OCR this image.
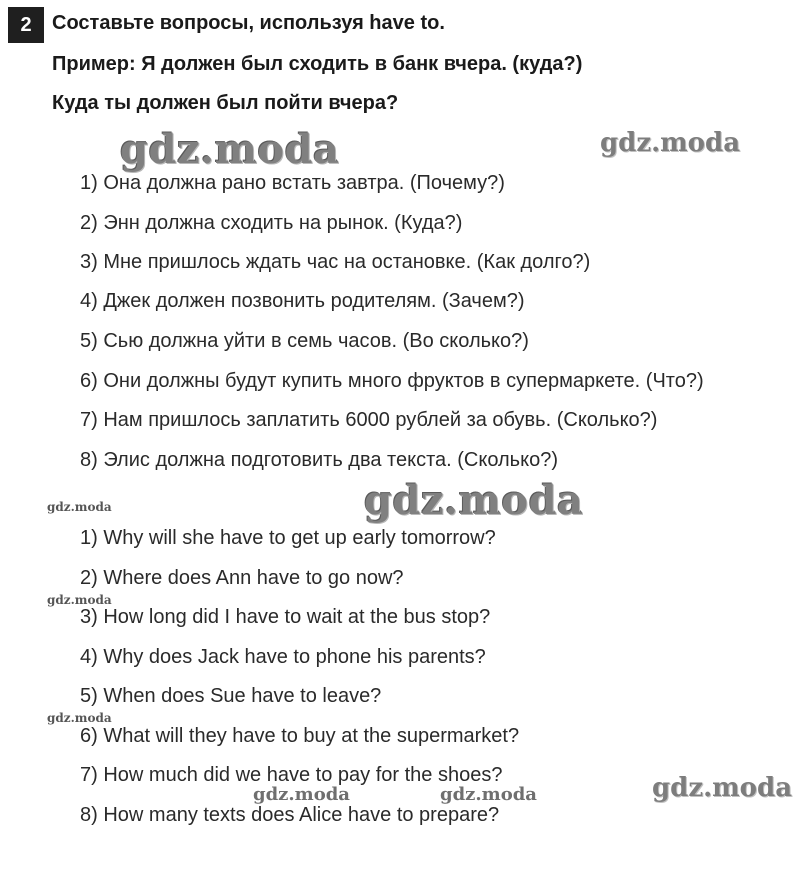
2	Составьте вопросы, используя have to.
Пример: Я должен был сходить в банк вчера. (куда?)
Куда ты должен был пойти вчера?
1) Она должна рано встать завтра. (Почему?)
2) Энн должна сходить на рынок. (Куда?)
3) Мне пришлось ждать час на остановке. (Как долго?)
4) Джек должен позвонить родителям. (Зачем?)
5) Сью должна уйти в семь часов. (Во сколько?)
6) Они должны будут купить много фруктов в супермаркете. (Что?)
7) Нам пришлось заплатить 6000 рублей за обувь. (Сколько?)
8) Элис должна подготовить два текста. (Сколько?)
1) Why will she have to get up early tomorrow?
2) Where does Ann have to go now?
3) How long did I have to wait at the bus stop?
4) Why does Jack have to phone his parents?
5) When does Sue have to leave?
6) What will they have to buy at the supermarket?
7) How much did we have to pay for the shoes?
8) How many texts does Alice have to prepare?
gdz.moda	gdz.moda
gdz.moda	gdz.moda
gdz.moda
gdz.moda
gdz.moda	gdz.moda	gdz.moda
